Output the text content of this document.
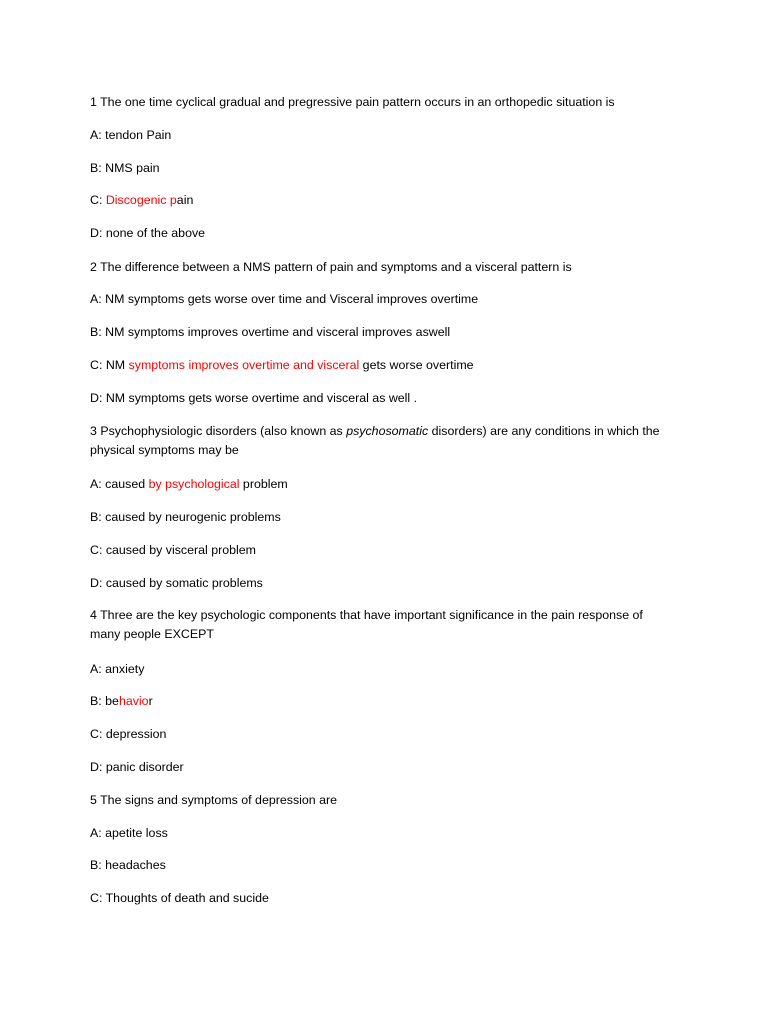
1 The one time cyclical gradual and pregressive pain pattern occurs in an orthopedic situation is
A: tendon Pain
B: NMS pain
C: Discogenic pain
D: none of the above
2 The difference between a NMS pattern of pain and symptoms and a visceral pattern is
A: NM symptoms gets worse over time and Visceral improves overtime
B: NM symptoms improves overtime and visceral improves aswell
C: NM symptoms improves overtime and visceral gets worse overtime
D: NM symptoms gets worse overtime and visceral as well .
3 Psychophysiologic disorders (also known as psychosomatic disorders) are any conditions in which the physical symptoms may be
A: caused by psychological problem
B: caused by neurogenic problems
C: caused by visceral problem
D: caused by somatic problems
4 Three are the key psychologic components that have important significance in the pain response of many people EXCEPT
A: anxiety
B: behavior
C: depression
D: panic disorder
5 The signs and symptoms of depression are
A: apetite loss
B: headaches
C: Thoughts of death and sucide
